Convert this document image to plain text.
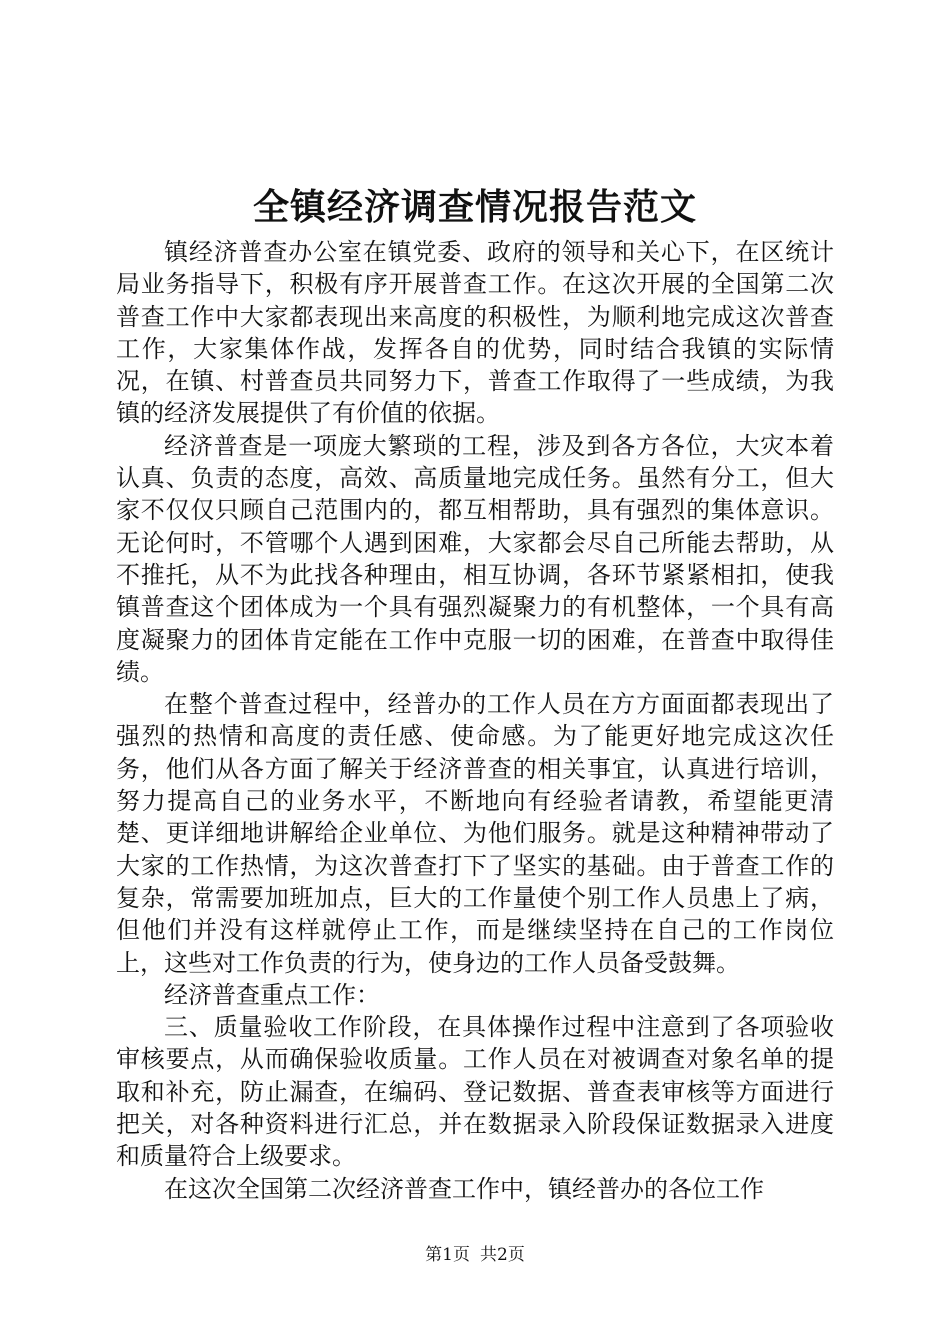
全镇经济调查情况报告范文

镇经济普查办公室在镇党委、政府的领导和关心下，在区统计局业务指导下，积极有序开展普查工作。在这次开展的全国第二次普查工作中大家都表现出来高度的积极性，为顺利地完成这次普查工作，大家集体作战，发挥各自的优势，同时结合我镇的实际情况，在镇、村普查员共同努力下，普查工作取得了一些成绩，为我镇的经济发展提供了有价值的依据。

经济普查是一项庞大繁琐的工程，涉及到各方各位，大灾本着认真、负责的态度，高效、高质量地完成任务。虽然有分工，但大家不仅仅只顾自己范围内的，都互相帮助，具有强烈的集体意识。无论何时，不管哪个人遇到困难，大家都会尽自己所能去帮助，从不推托，从不为此找各种理由，相互协调，各环节紧紧相扣，使我镇普查这个团体成为一个具有强烈凝聚力的有机整体，一个具有高度凝聚力的团体肯定能在工作中克服一切的困难，在普查中取得佳绩。

在整个普查过程中，经普办的工作人员在方方面面都表现出了强烈的热情和高度的责任感、使命感。为了能更好地完成这次任务，他们从各方面了解关于经济普查的相关事宜，认真进行培训，努力提高自己的业务水平，不断地向有经验者请教，希望能更清楚、更详细地讲解给企业单位、为他们服务。就是这种精神带动了大家的工作热情，为这次普查打下了坚实的基础。由于普查工作的复杂，常需要加班加点，巨大的工作量使个别工作人员患上了病，但他们并没有这样就停止工作，而是继续坚持在自己的工作岗位上，这些对工作负责的行为，使身边的工作人员备受鼓舞。

经济普查重点工作：

三、质量验收工作阶段，在具体操作过程中注意到了各项验收审核要点，从而确保验收质量。工作人员在对被调查对象名单的提取和补充，防止漏查，在编码、登记数据、普查表审核等方面进行把关，对各种资料进行汇总，并在数据录入阶段保证数据录入进度和质量符合上级要求。

在这次全国第二次经济普查工作中，镇经普办的各位工作

第1页 共2页
